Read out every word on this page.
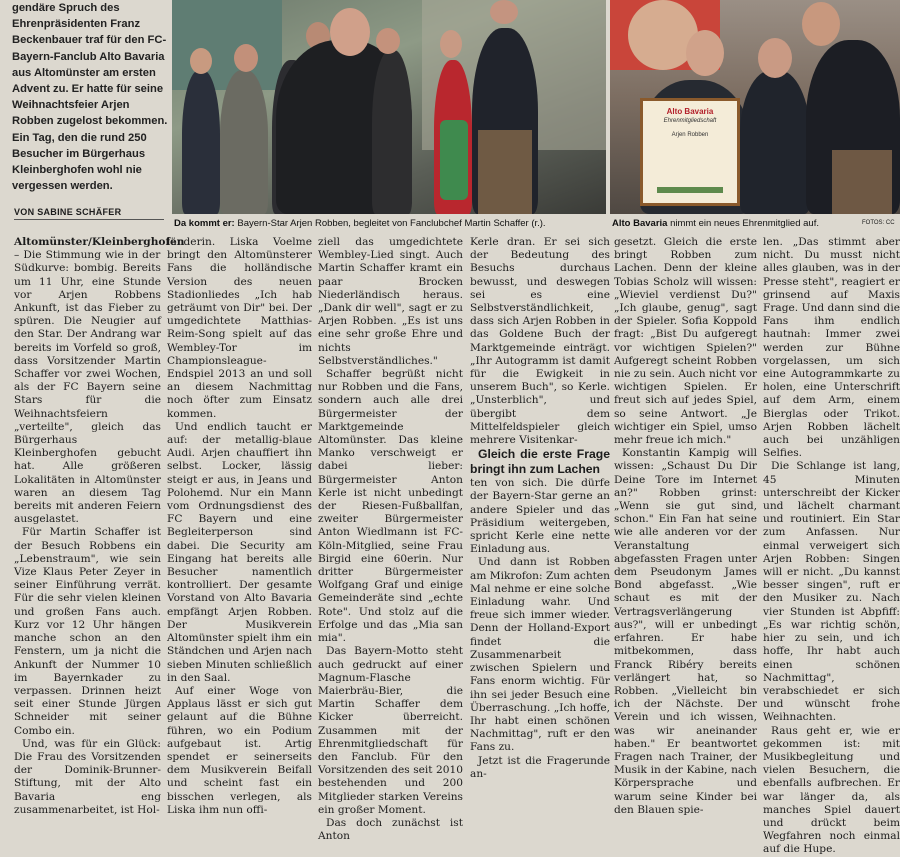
gendäre Spruch des Ehrenpräsidenten Franz Beckenbauer traf für den FC-Bayern-Fanclub Alto Bavaria aus Altomünster am ersten Advent zu. Er hatte für seine Weihnachtsfeier Arjen Robben zugelost bekommen. Ein Tag, den die rund 250 Besucher im Bürgerhaus Kleinberghofen wohl nie vergessen werden.
VON SABINE SCHÄFER
Alto Bavaria
Ehrenmitgliedschaft
Arjen Robben
Da kommt er: Bayern-Star Arjen Robben, begleitet von Fanclubchef Martin Schaffer (r.).	Alto Bavaria nimmt ein neues Ehrenmitglied auf.	FOTOS: CC

Altomünster/Kleinberghofen – Die Stimmung wie in der Südkurve: bombig. Bereits um 11 Uhr, eine Stunde vor Arjen Robbens Ankunft, ist das Fieber zu spüren. Die Neugier auf den Star. Der Andrang war bereits im Vorfeld so groß, dass Vorsitzender Martin Schaffer vor zwei Wochen, als der FC Bayern seine Stars für die Weihnachtsfeiern „verteilte", gleich das Bürgerhaus Kleinberghofen gebucht hat. Alle größeren Lokalitäten in Altomünster waren an diesem Tag bereits mit anderen Feiern ausgelastet.

Für Martin Schaffer ist der Besuch Robbens ein „Lebenstraum", wie sein Vize Klaus Peter Zeyer in seiner Einführung verrät. Für die sehr vielen kleinen und großen Fans auch. Kurz vor 12 Uhr hängen manche schon an den Fenstern, um ja nicht die Ankunft der Nummer 10 im Bayernkader zu verpassen. Drinnen heizt seit einer Stunde Jürgen Schneider mit seiner Combo ein.

Und, was für ein Glück: Die Frau des Vorsitzenden der Dominik-Brunner-Stiftung, mit der Alto Bavaria eng zusammenarbeitet, ist Hol-

länderin. Liska Voelme bringt den Altomünsterer Fans die holländische Version des neuen Stadionliedes „Ich hab geträumt von Dir" bei. Der umgedichtete Matthias-Reim-Song spielt auf das Wembley-Tor im Championsleague-Endspiel 2013 an und soll an diesem Nachmittag noch öfter zum Einsatz kommen.

Und endlich taucht er auf: der metallig-blaue Audi. Arjen chauffiert ihn selbst. Locker, lässig steigt er aus, in Jeans und Polohemd. Nur ein Mann vom Ordnungsdienst des FC Bayern und eine Begleiterperson sind dabei. Die Security am Eingang hat bereits alle Besucher namentlich kontrolliert. Der gesamte Vorstand von Alto Bavaria empfängt Arjen Robben. Der Musikverein Altomünster spielt ihm ein Ständchen und Arjen nach sieben Minuten schließlich in den Saal.

Auf einer Woge von Applaus lässt er sich gut gelaunt auf die Bühne führen, wo ein Podium aufgebaut ist. Artig spendet er seinerseits dem Musikverein Beifall und scheint fast ein bisschen verlegen, als Liska ihm nun offi-

ziell das umgedichtete Wembley-Lied singt. Auch Martin Schaffer kramt ein paar Brocken Niederländisch heraus. „Dank dir well", sagt er zu Arjen Robben. „Es ist uns eine sehr große Ehre und nichts Selbstverständliches."

Schaffer begrüßt nicht nur Robben und die Fans, sondern auch alle drei Bürgermeister der Marktgemeinde Altomünster. Das kleine Manko verschweigt er dabei lieber: Bürgermeister Anton Kerle ist nicht unbedingt der Riesen-Fußballfan, zweiter Bürgermeister Anton Wiedlmann ist FC-Köln-Mitglied, seine Frau Birgid eine 60erin. Nur dritter Bürgermeister Wolfgang Graf und einige Gemeinderäte sind „echte Rote". Und stolz auf die Erfolge und das „Mia san mia".

Das Bayern-Motto steht auch gedruckt auf einer Magnum-Flasche Maierbräu-Bier, die Martin Schaffer dem Kicker überreicht. Zusammen mit der Ehrenmitgliedschaft für den Fanclub. Für den Vorsitzenden des seit 2010 bestehenden und 200 Mitglieder starken Vereins ein großer Moment.

Das doch zunächst ist Anton

Kerle dran. Er sei sich der Bedeutung des Besuchs durchaus bewusst, und deswegen sei es eine Selbstverständlichkeit, dass sich Arjen Robben in das Goldene Buch der Marktgemeinde einträgt. „Ihr Autogramm ist damit für die Ewigkeit in unserem Buch", so Kerle. „Unsterblich", und übergibt dem Mittelfeldspieler gleich mehrere Visitenkar-

Gleich die erste Frage bringt ihn zum Lachen

ten von sich. Die dürfe der Bayern-Star gerne an andere Spieler und das Präsidium weitergeben, spricht Kerle eine nette Einladung aus.

Und dann ist Robben am Mikrofon: Zum achten Mal nehme er eine solche Einladung wahr. Und freue sich immer wieder. Denn der Holland-Export findet die Zusammenarbeit zwischen Spielern und Fans enorm wichtig. Für ihn sei jeder Besuch eine Überraschung. „Ich hoffe, Ihr habt einen schönen Nachmittag", ruft er den Fans zu.

Jetzt ist die Fragerunde an-

gesetzt. Gleich die erste bringt Robben zum Lachen. Denn der kleine Tobias Scholz will wissen: „Wieviel verdienst Du?" „Ich glaube, genug", sagt der Spieler. Sofia Koppold fragt: „Bist Du aufgeregt vor wichtigen Spielen?" Aufgeregt scheint Robben nie zu sein. Auch nicht vor wichtigen Spielen. Er freut sich auf jedes Spiel, so seine Antwort. „Je wichtiger ein Spiel, umso mehr freue ich mich."

Konstantin Kampig will wissen: „Schaust Du Dir Deine Tore im Internet an?" Robben grinst: „Wenn sie gut sind, schon." Ein Fan hat seine wie alle anderen vor der Veranstaltung abgefassten Fragen unter dem Pseudonym James Bond abgefasst. „Wie schaut es mit der Vertragsverlängerung aus?", will er unbedingt erfahren. Er habe mitbekommen, dass Franck Ribéry bereits verlängert hat, so Robben. „Vielleicht bin ich der Nächste. Der Verein und ich wissen, was wir aneinander haben." Er beantwortet Fragen nach Trainer, der Musik in der Kabine, nach Körpersprache und warum seine Kinder bei den Blauen spie-

len. „Das stimmt aber nicht. Du musst nicht alles glauben, was in der Presse steht", reagiert er grinsend auf Maxis Frage. Und dann sind die Fans ihm endlich hautnah: Immer zwei werden zur Bühne vorgelassen, um sich eine Autogrammkarte zu holen, eine Unterschrift auf dem Arm, einem Bierglas oder Trikot. Arjen Robben lächelt auch bei unzähligen Selfies.

Die Schlange ist lang, 45 Minuten unterschreibt der Kicker und lächelt charmant und routiniert. Ein Star zum Anfassen. Nur einmal verweigert sich Arjen Robben: Singen will er nicht. „Du kannst besser singen", ruft er den Musiker zu. Nach vier Stunden ist Abpfiff: „Es war richtig schön, hier zu sein, und ich hoffe, Ihr habt auch einen schönen Nachmittag", verabschiedet er sich und wünscht frohe Weihnachten.

Raus geht er, wie er gekommen ist: mit Musikbegleitung und vielen Besuchern, die ebenfalls aufbrechen. Er war länger da, als manches Spiel dauert und drückt beim Wegfahren noch einmal auf die Hupe.
